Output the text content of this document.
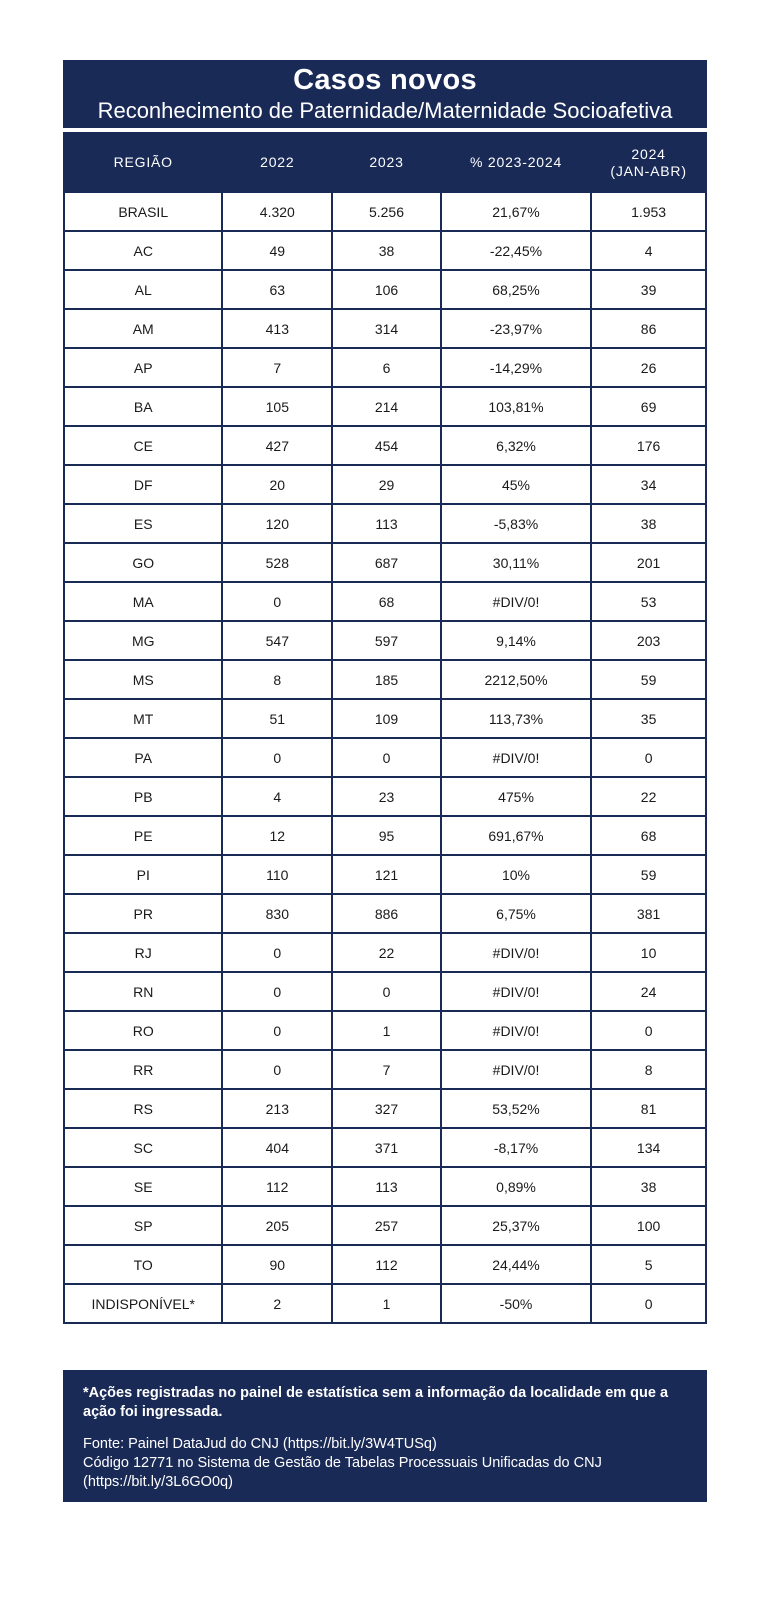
Casos novos
Reconhecimento de Paternidade/Maternidade Socioafetiva
REGIÃO	2022	2023	% 2023-2024	2024
(JAN-ABR)
BRASIL	4.320	5.256	21,67%	1.953
AC	49	38	-22,45%	4
AL	63	106	68,25%	39
AM	413	314	-23,97%	86
AP	7	6	-14,29%	26
BA	105	214	103,81%	69
CE	427	454	6,32%	176
DF	20	29	45%	34
ES	120	113	-5,83%	38
GO	528	687	30,11%	201
MA	0	68	#DIV/0!	53
MG	547	597	9,14%	203
MS	8	185	2212,50%	59
MT	51	109	113,73%	35
PA	0	0	#DIV/0!	0
PB	4	23	475%	22
PE	12	95	691,67%	68
PI	110	121	10%	59
PR	830	886	6,75%	381
RJ	0	22	#DIV/0!	10
RN	0	0	#DIV/0!	24
RO	0	1	#DIV/0!	0
RR	0	7	#DIV/0!	8
RS	213	327	53,52%	81
SC	404	371	-8,17%	134
SE	112	113	0,89%	38
SP	205	257	25,37%	100
TO	90	112	24,44%	5
INDISPONÍVEL*	2	1	-50%	0
*Ações registradas no painel de estatística sem a informação da localidade em que a ação foi ingressada.
Fonte: Painel DataJud do CNJ (https://bit.ly/3W4TUSq)
Código 12771 no Sistema de Gestão de Tabelas Processuais Unificadas do CNJ
(https://bit.ly/3L6GO0q)
